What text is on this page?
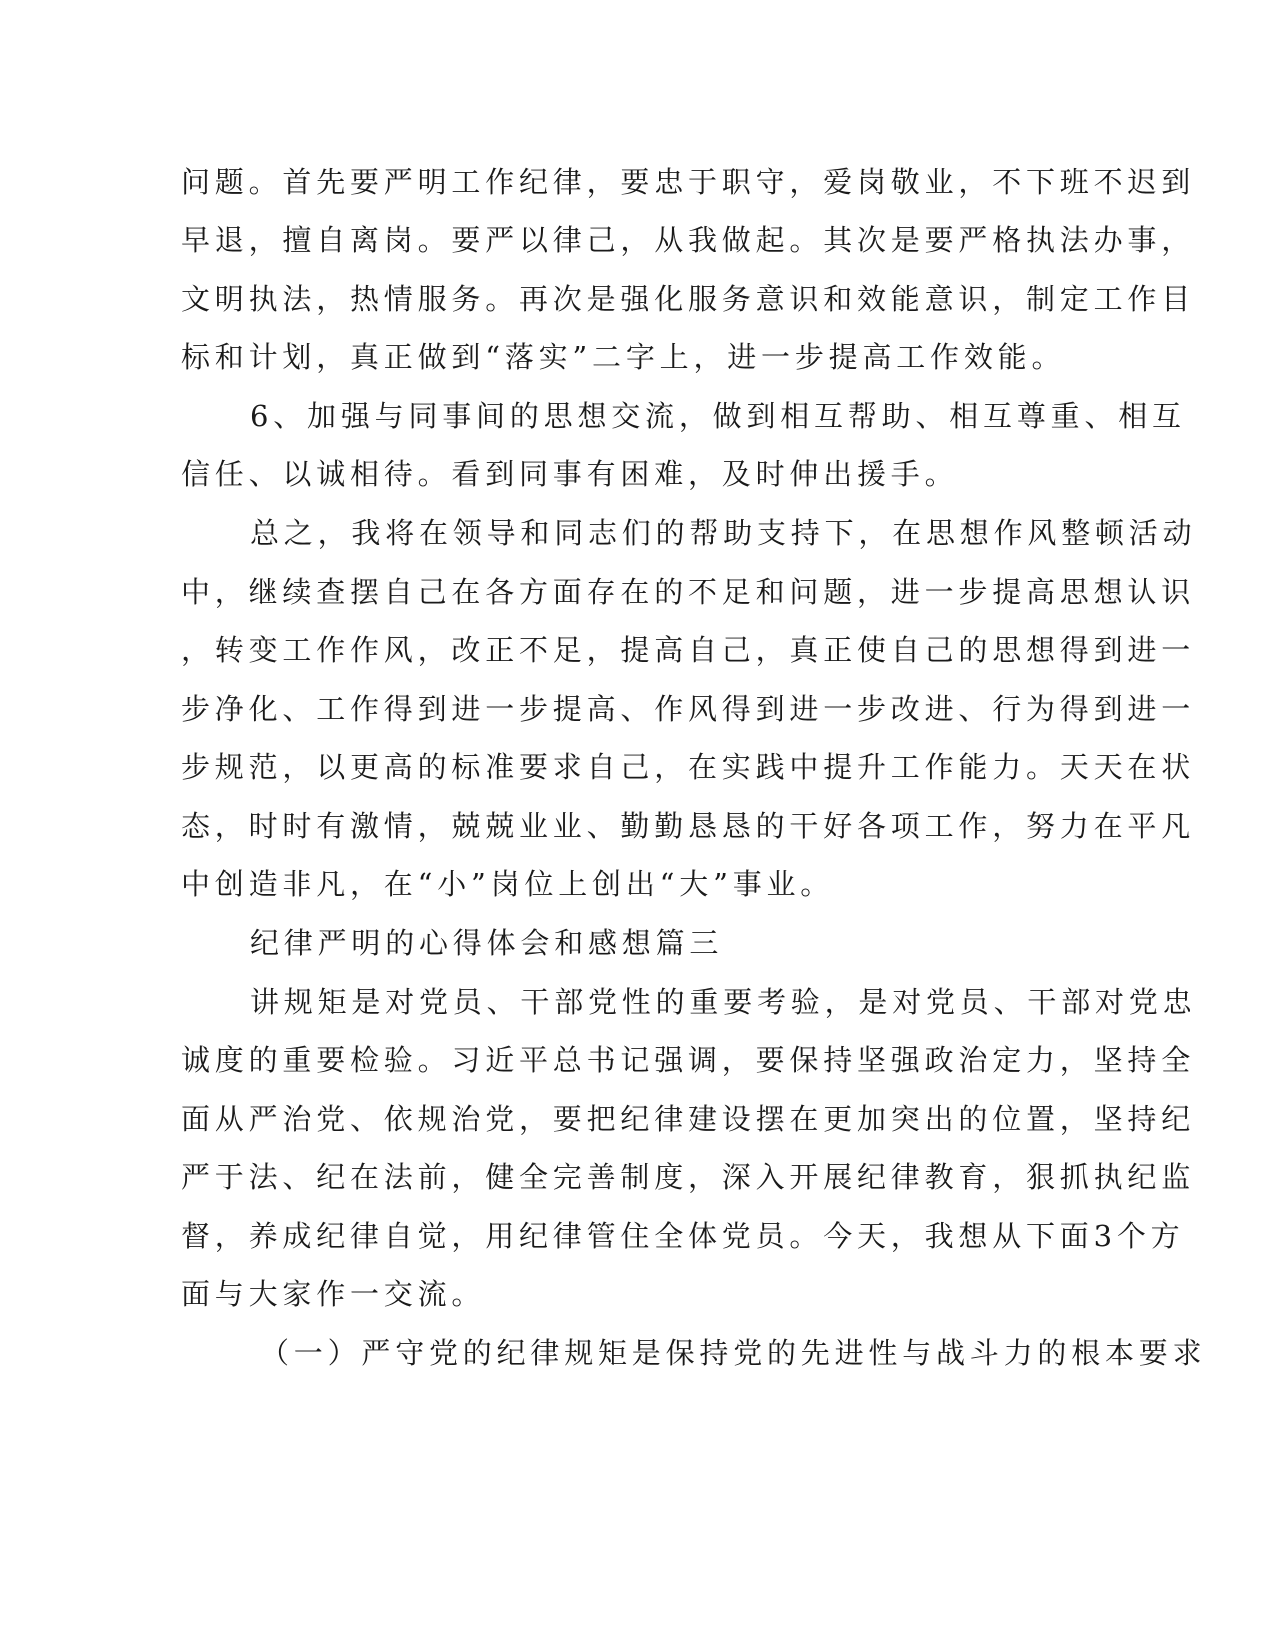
问题。首先要严明工作纪律，要忠于职守，爱岗敬业，不下班不迟到
早退，擅自离岗。要严以律己，从我做起。其次是要严格执法办事，
文明执法，热情服务。再次是强化服务意识和效能意识，制定工作目
标和计划，真正做到“落实”二字上，进一步提高工作效能。
6、加强与同事间的思想交流，做到相互帮助、相互尊重、相互
信任、以诚相待。看到同事有困难，及时伸出援手。
总之，我将在领导和同志们的帮助支持下，在思想作风整顿活动
中，继续查摆自己在各方面存在的不足和问题，进一步提高思想认识
，转变工作作风，改正不足，提高自己，真正使自己的思想得到进一
步净化、工作得到进一步提高、作风得到进一步改进、行为得到进一
步规范，以更高的标准要求自己，在实践中提升工作能力。天天在状
态，时时有激情，兢兢业业、勤勤恳恳的干好各项工作，努力在平凡
中创造非凡，在“小”岗位上创出“大”事业。
纪律严明的心得体会和感想篇三
讲规矩是对党员、干部党性的重要考验，是对党员、干部对党忠
诚度的重要检验。习近平总书记强调，要保持坚强政治定力，坚持全
面从严治党、依规治党，要把纪律建设摆在更加突出的位置，坚持纪
严于法、纪在法前，健全完善制度，深入开展纪律教育，狠抓执纪监
督，养成纪律自觉，用纪律管住全体党员。今天，我想从下面3个方
面与大家作一交流。
（一）严守党的纪律规矩是保持党的先进性与战斗力的根本要求
